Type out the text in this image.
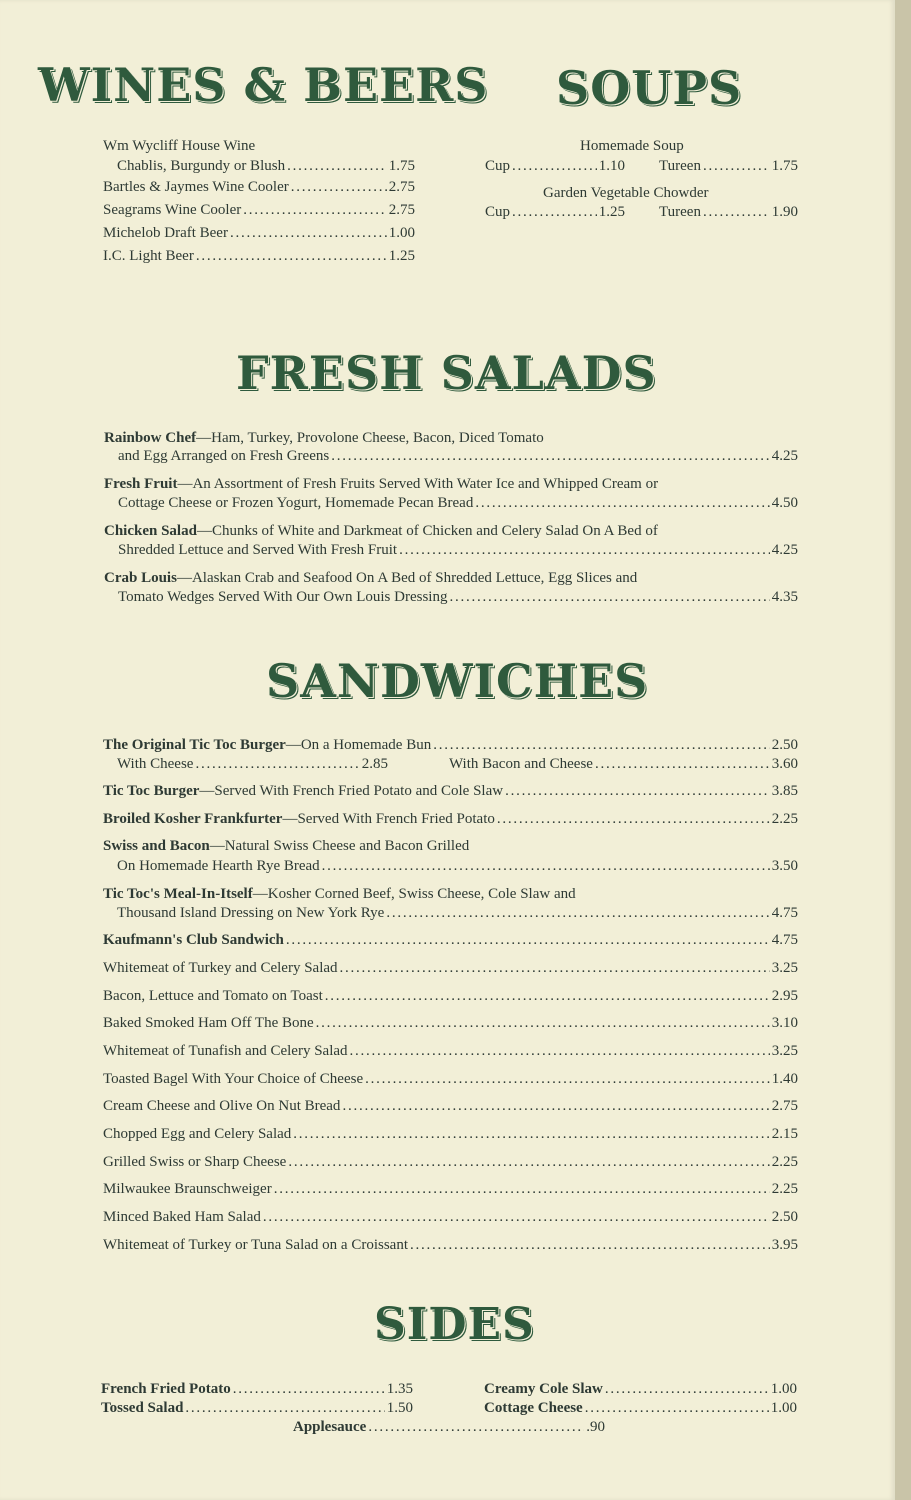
WINES & BEERS
Wm Wycliff House Wine
Chablis, Burgundy or Blush . . .	1.75
Bartles & Jaymes Wine Cooler . . .	2.75
Seagrams Wine Cooler . . .	2.75
Michelob Draft Beer . . .	1.00
I.C. Light Beer . . .	1.25
SOUPS
Homemade Soup
Cup . . .	1.10 Tureen . . .	1.75
Garden Vegetable Chowder
Cup . . .	1.25 Tureen . . .	1.90
FRESH SALADS
Rainbow Chef—Ham, Turkey, Provolone Cheese, Bacon, Diced Tomato
and Egg Arranged on Fresh Greens . . .	4.25
Fresh Fruit—An Assortment of Fresh Fruits Served With Water Ice and Whipped Cream or
Cottage Cheese or Frozen Yogurt, Homemade Pecan Bread . . .	4.50
Chicken Salad—Chunks of White and Darkmeat of Chicken and Celery Salad On A Bed of
Shredded Lettuce and Served With Fresh Fruit . . .	4.25
Crab Louis—Alaskan Crab and Seafood On A Bed of Shredded Lettuce, Egg Slices and
Tomato Wedges Served With Our Own Louis Dressing . . .	4.35
SANDWICHES
The Original Tic Toc Burger—On a Homemade Bun . . .	2.50
With Cheese . . .	2.85	With Bacon and Cheese . . .	3.60
Tic Toc Burger—Served With French Fried Potato and Cole Slaw . . .	3.85
Broiled Kosher Frankfurter—Served With French Fried Potato . . .	2.25
Swiss and Bacon—Natural Swiss Cheese and Bacon Grilled
On Homemade Hearth Rye Bread . . .	3.50
Tic Toc's Meal-In-Itself—Kosher Corned Beef, Swiss Cheese, Cole Slaw and
Thousand Island Dressing on New York Rye . . .	4.75
Kaufmann's Club Sandwich . . .	4.75
Whitemeat of Turkey and Celery Salad . . .	3.25
Bacon, Lettuce and Tomato on Toast . . .	2.95
Baked Smoked Ham Off The Bone . . .	3.10
Whitemeat of Tunafish and Celery Salad . . .	3.25
Toasted Bagel With Your Choice of Cheese . . .	1.40
Cream Cheese and Olive On Nut Bread . . .	2.75
Chopped Egg and Celery Salad . . .	2.15
Grilled Swiss or Sharp Cheese . . .	2.25
Milwaukee Braunschweiger . . .	2.25
Minced Baked Ham Salad . . .	2.50
Whitemeat of Turkey or Tuna Salad on a Croissant . . .	3.95
SIDES
French Fried Potato . . .	1.35
Tossed Salad . . .	1.50
Creamy Cole Slaw . . .	1.00
Cottage Cheese . . .	1.00
Applesauce . . .	.90
